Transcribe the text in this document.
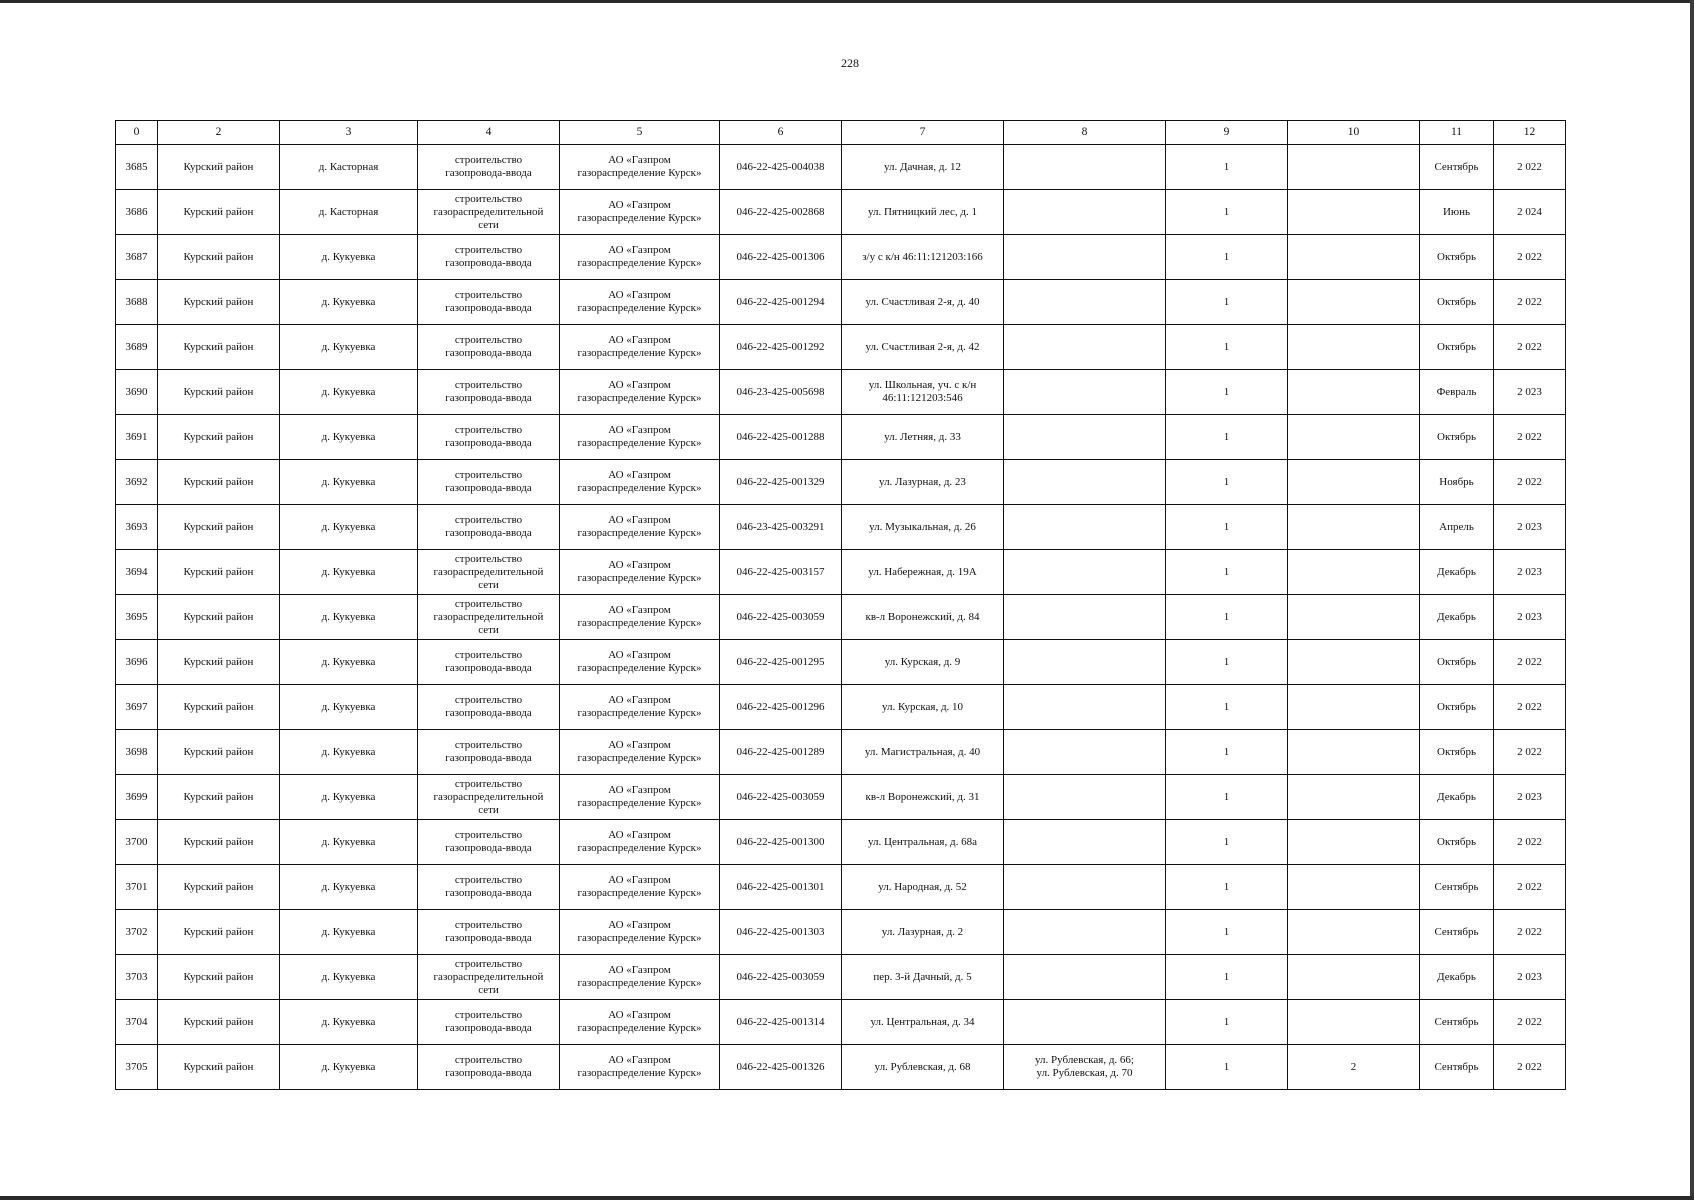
228
0	2	3	4	5	6	7	8	9	10	11	12
3685	Курский район	д. Касторная	строительство
газопровода-ввода	АО «Газпром
газораспределение Курск»	046-22-425-004038	ул. Дачная, д. 12		1		Сентябрь	2 022
3686	Курский район	д. Касторная	строительство
газораспределительной
сети	АО «Газпром
газораспределение Курск»	046-22-425-002868	ул. Пятницкий лес, д. 1		1		Июнь	2 024
3687	Курский район	д. Кукуевка	строительство
газопровода-ввода	АО «Газпром
газораспределение Курск»	046-22-425-001306	з/у с к/н 46:11:121203:166		1		Октябрь	2 022
3688	Курский район	д. Кукуевка	строительство
газопровода-ввода	АО «Газпром
газораспределение Курск»	046-22-425-001294	ул. Счастливая 2-я, д. 40		1		Октябрь	2 022
3689	Курский район	д. Кукуевка	строительство
газопровода-ввода	АО «Газпром
газораспределение Курск»	046-22-425-001292	ул. Счастливая 2-я, д. 42		1		Октябрь	2 022
3690	Курский район	д. Кукуевка	строительство
газопровода-ввода	АО «Газпром
газораспределение Курск»	046-23-425-005698	ул. Школьная, уч. с к/н
46:11:121203:546		1		Февраль	2 023
3691	Курский район	д. Кукуевка	строительство
газопровода-ввода	АО «Газпром
газораспределение Курск»	046-22-425-001288	ул. Летняя, д. 33		1		Октябрь	2 022
3692	Курский район	д. Кукуевка	строительство
газопровода-ввода	АО «Газпром
газораспределение Курск»	046-22-425-001329	ул. Лазурная, д. 23		1		Ноябрь	2 022
3693	Курский район	д. Кукуевка	строительство
газопровода-ввода	АО «Газпром
газораспределение Курск»	046-23-425-003291	ул. Музыкальная, д. 26		1		Апрель	2 023
3694	Курский район	д. Кукуевка	строительство
газораспределительной
сети	АО «Газпром
газораспределение Курск»	046-22-425-003157	ул. Набережная, д. 19А		1		Декабрь	2 023
3695	Курский район	д. Кукуевка	строительство
газораспределительной
сети	АО «Газпром
газораспределение Курск»	046-22-425-003059	кв-л Воронежский, д. 84		1		Декабрь	2 023
3696	Курский район	д. Кукуевка	строительство
газопровода-ввода	АО «Газпром
газораспределение Курск»	046-22-425-001295	ул. Курская, д. 9		1		Октябрь	2 022
3697	Курский район	д. Кукуевка	строительство
газопровода-ввода	АО «Газпром
газораспределение Курск»	046-22-425-001296	ул. Курская, д. 10		1		Октябрь	2 022
3698	Курский район	д. Кукуевка	строительство
газопровода-ввода	АО «Газпром
газораспределение Курск»	046-22-425-001289	ул. Магистральная, д. 40		1		Октябрь	2 022
3699	Курский район	д. Кукуевка	строительство
газораспределительной
сети	АО «Газпром
газораспределение Курск»	046-22-425-003059	кв-л Воронежский, д. 31		1		Декабрь	2 023
3700	Курский район	д. Кукуевка	строительство
газопровода-ввода	АО «Газпром
газораспределение Курск»	046-22-425-001300	ул. Центральная, д. 68а		1		Октябрь	2 022
3701	Курский район	д. Кукуевка	строительство
газопровода-ввода	АО «Газпром
газораспределение Курск»	046-22-425-001301	ул. Народная, д. 52		1		Сентябрь	2 022
3702	Курский район	д. Кукуевка	строительство
газопровода-ввода	АО «Газпром
газораспределение Курск»	046-22-425-001303	ул. Лазурная, д. 2		1		Сентябрь	2 022
3703	Курский район	д. Кукуевка	строительство
газораспределительной
сети	АО «Газпром
газораспределение Курск»	046-22-425-003059	пер. 3-й Дачный, д. 5		1		Декабрь	2 023
3704	Курский район	д. Кукуевка	строительство
газопровода-ввода	АО «Газпром
газораспределение Курск»	046-22-425-001314	ул. Центральная, д. 34		1		Сентябрь	2 022
3705	Курский район	д. Кукуевка	строительство
газопровода-ввода	АО «Газпром
газораспределение Курск»	046-22-425-001326	ул. Рублевская, д. 68	ул. Рублевская, д. 66;
ул. Рублевская, д. 70	1	2	Сентябрь	2 022
